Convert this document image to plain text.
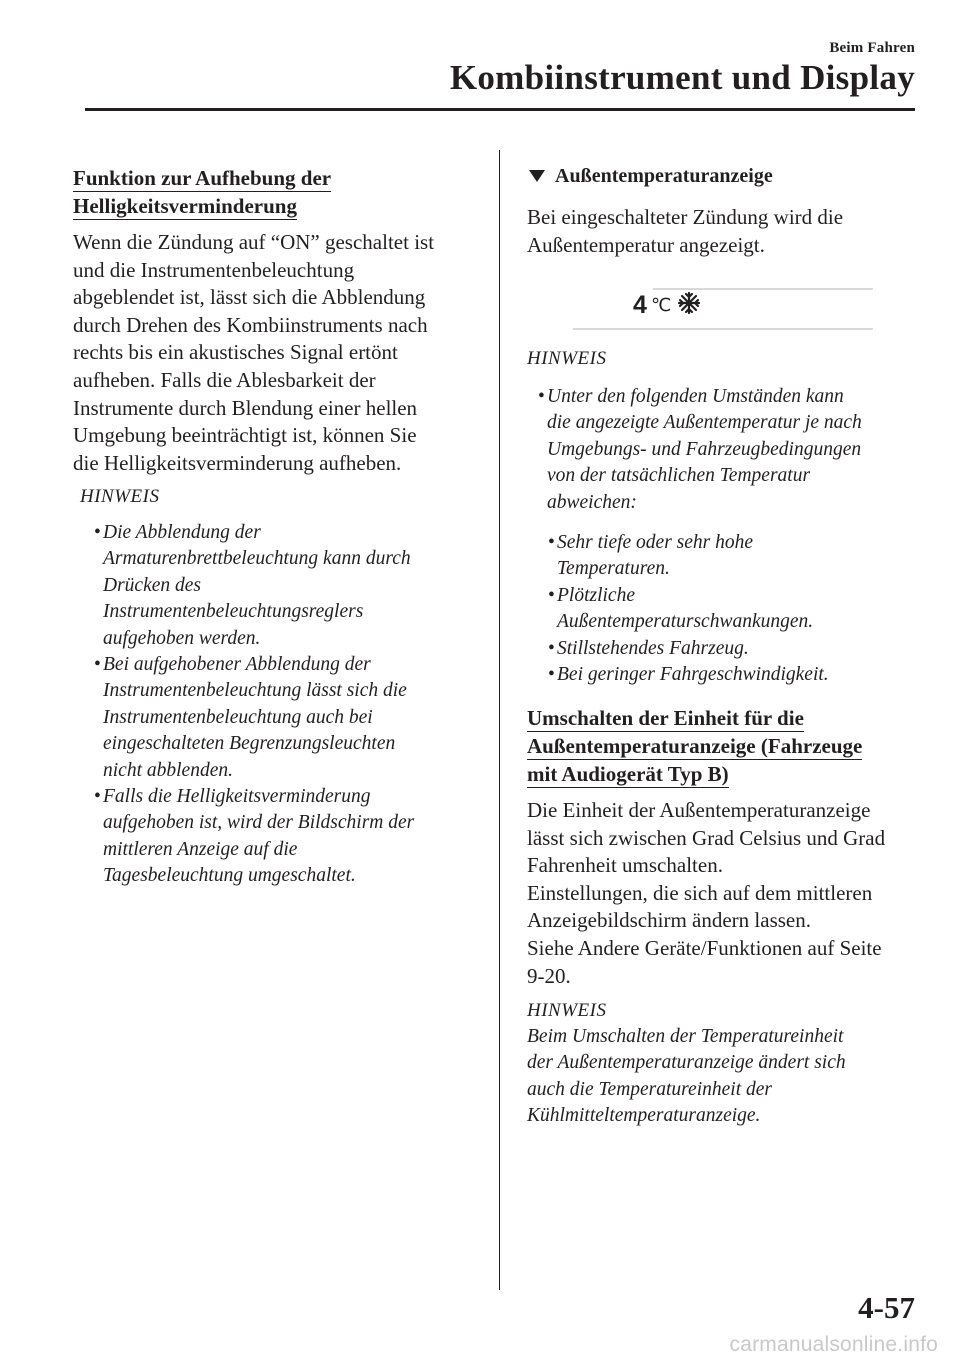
Beim Fahren
Kombiinstrument und Display
Funktion zur Aufhebung der
Helligkeitsverminderung
Wenn die Zündung auf “ON” geschaltet ist
und die Instrumentenbeleuchtung
abgeblendet ist, lässt sich die Abblendung
durch Drehen des Kombiinstruments nach
rechts bis ein akustisches Signal ertönt
aufheben. Falls die Ablesbarkeit der
Instrumente durch Blendung einer hellen
Umgebung beeinträchtigt ist, können Sie
die Helligkeitsverminderung aufheben.
HINWEIS
• Die Abblendung der
Armaturenbrettbeleuchtung kann durch
Drücken des
Instrumentenbeleuchtungsreglers
aufgehoben werden.
• Bei aufgehobener Abblendung der
Instrumentenbeleuchtung lässt sich die
Instrumentenbeleuchtung auch bei
eingeschalteten Begrenzungsleuchten
nicht abblenden.
• Falls die Helligkeitsverminderung
aufgehoben ist, wird der Bildschirm der
mittleren Anzeige auf die
Tagesbeleuchtung umgeschaltet.
Außentemperaturanzeige
Bei eingeschalteter Zündung wird die
Außentemperatur angezeigt.
4 ℃
HINWEIS
• Unter den folgenden Umständen kann
die angezeigte Außentemperatur je nach
Umgebungs- und Fahrzeugbedingungen
von der tatsächlichen Temperatur
abweichen:
• Sehr tiefe oder sehr hohe
Temperaturen.
• Plötzliche
Außentemperaturschwankungen.
• Stillstehendes Fahrzeug.
• Bei geringer Fahrgeschwindigkeit.
Umschalten der Einheit für die
Außentemperaturanzeige (Fahrzeuge
mit Audiogerät Typ B)
Die Einheit der Außentemperaturanzeige
lässt sich zwischen Grad Celsius und Grad
Fahrenheit umschalten.
Einstellungen, die sich auf dem mittleren
Anzeigebildschirm ändern lassen.
Siehe Andere Geräte/Funktionen auf Seite
9-20.
HINWEIS
Beim Umschalten der Temperatureinheit
der Außentemperaturanzeige ändert sich
auch die Temperatureinheit der
Kühlmitteltemperaturanzeige.
4-57
carmanualsonline.info
